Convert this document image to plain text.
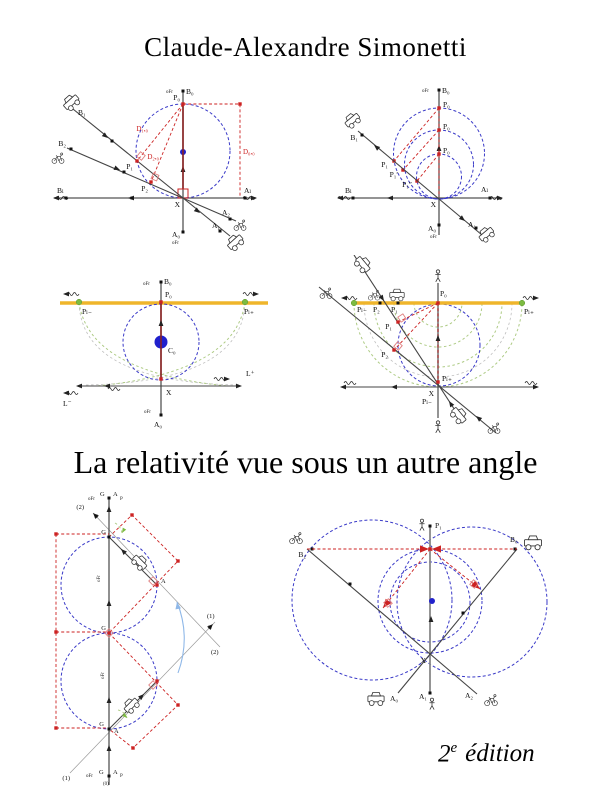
Claude-Alexandre Simonetti
oFr B₀
P₀
P₁
P₂
B₁
B₂
Bₗ	Aₗ
A₀
oFr
A₁
A₂
X
D₁,₀
D₂,₀
D₀,₀
oFr B₀
P₀
P₀
P₀
P₁
P₁′
P₁″
B₁
Bₗ	Aₗ
A₀
oFr
A₁
X
oFr B₀
P₀
Pₗ₋	Pₗ₊
C₀
X
L⁺
L⁻
oFr
A₀
Pₗ₋ P₂ P₁
P₀
Pₗ₊
P₁
P₂
Pₗ₊
X
Pₗ₋
La relativité vue sous un autre angle
oFr
G A
P
(2)
G
G
G
A
A
(1)
(2)
(1)	oFr
G A
P
(0)
oFr
oFr
P₁
B₂
B₀
A₀	A₁	A₂
X
2e édition
